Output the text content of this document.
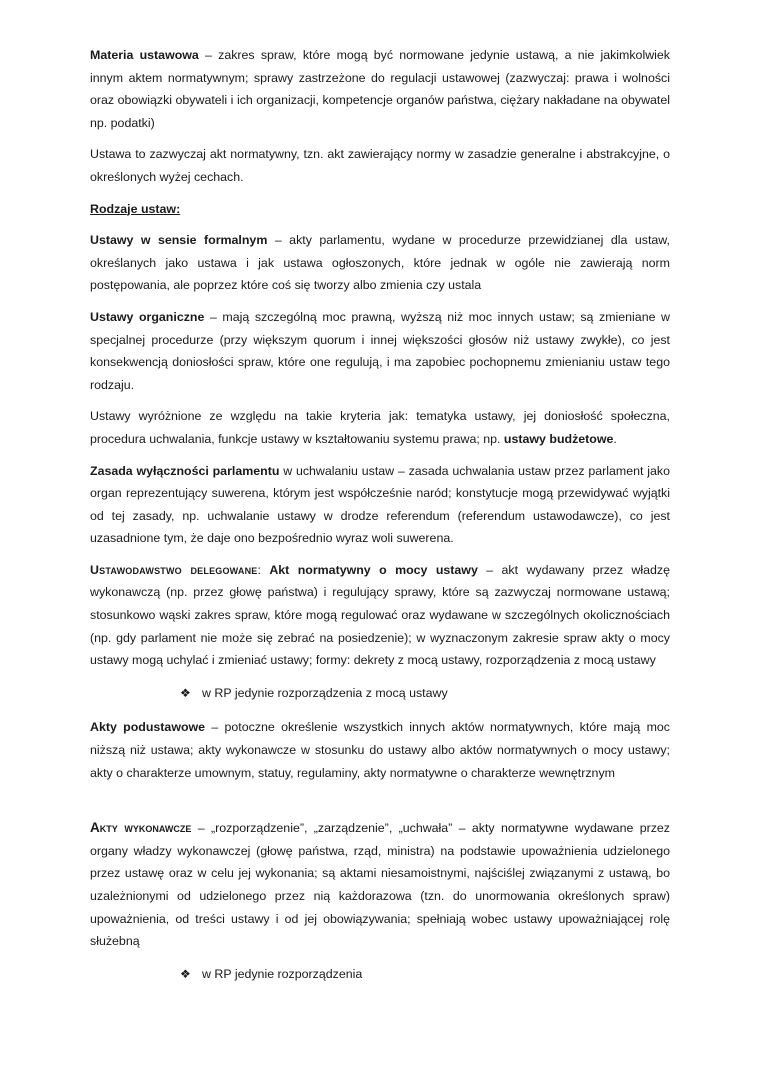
Materia ustawowa – zakres spraw, które mogą być normowane jedynie ustawą, a nie jakimkolwiek innym aktem normatywnym; sprawy zastrzeżone do regulacji ustawowej (zazwyczaj: prawa i wolności oraz obowiązki obywateli i ich organizacji, kompetencje organów państwa, ciężary nakładane na obywatel np. podatki)

Ustawa to zazwyczaj akt normatywny, tzn. akt zawierający normy w zasadzie generalne i abstrakcyjne, o określonych wyżej cechach.

Rodzaje ustaw:

Ustawy w sensie formalnym – akty parlamentu, wydane w procedurze przewidzianej dla ustaw, określanych jako ustawa i jak ustawa ogłoszonych, które jednak w ogóle nie zawierają norm postępowania, ale poprzez które coś się tworzy albo zmienia czy ustala

Ustawy organiczne – mają szczególną moc prawną, wyższą niż moc innych ustaw; są zmieniane w specjalnej procedurze (przy większym quorum i innej większości głosów niż ustawy zwykłe), co jest konsekwencją doniosłości spraw, które one regulują, i ma zapobiec pochopnemu zmienianiu ustaw tego rodzaju.

Ustawy wyróżnione ze względu na takie kryteria jak: tematyka ustawy, jej doniosłość społeczna, procedura uchwalania, funkcje ustawy w kształtowaniu systemu prawa; np. ustawy budżetowe.

Zasada wyłączności parlamentu w uchwalaniu ustaw – zasada uchwalania ustaw przez parlament jako organ reprezentujący suwerena, którym jest współcześnie naród; konstytucje mogą przewidywać wyjątki od tej zasady, np. uchwalanie ustawy w drodze referendum (referendum ustawodawcze), co jest uzasadnione tym, że daje ono bezpośrednio wyraz woli suwerena.

Ustawodawstwo delegowane: Akt normatywny o mocy ustawy – akt wydawany przez władzę wykonawczą (np. przez głowę państwa) i regulujący sprawy, które są zazwyczaj normowane ustawą; stosunkowo wąski zakres spraw, które mogą regulować oraz wydawane w szczególnych okolicznościach (np. gdy parlament nie może się zebrać na posiedzenie); w wyznaczonym zakresie spraw akty o mocy ustawy mogą uchylać i zmieniać ustawy; formy: dekrety z mocą ustawy, rozporządzenia z mocą ustawy

❖ w RP jedynie rozporządzenia z mocą ustawy

Akty podustawowe – potoczne określenie wszystkich innych aktów normatywnych, które mają moc niższą niż ustawa; akty wykonawcze w stosunku do ustawy albo aktów normatywnych o mocy ustawy; akty o charakterze umownym, statuy, regulaminy, akty normatywne o charakterze wewnętrznym

Akty wykonawcze – „rozporządzenie”, „zarządzenie”, „uchwała” – akty normatywne wydawane przez organy władzy wykonawczej (głowę państwa, rząd, ministra) na podstawie upoważnienia udzielonego przez ustawę oraz w celu jej wykonania; są aktami niesamoistnymi, najściślej związanymi z ustawą, bo uzależnionymi od udzielonego przez nią każdorazowa (tzn. do unormowania określonych spraw) upoważnienia, od treści ustawy i od jej obowiązywania; spełniają wobec ustawy upoważniającej rolę służebną

❖ w RP jedynie rozporządzenia
